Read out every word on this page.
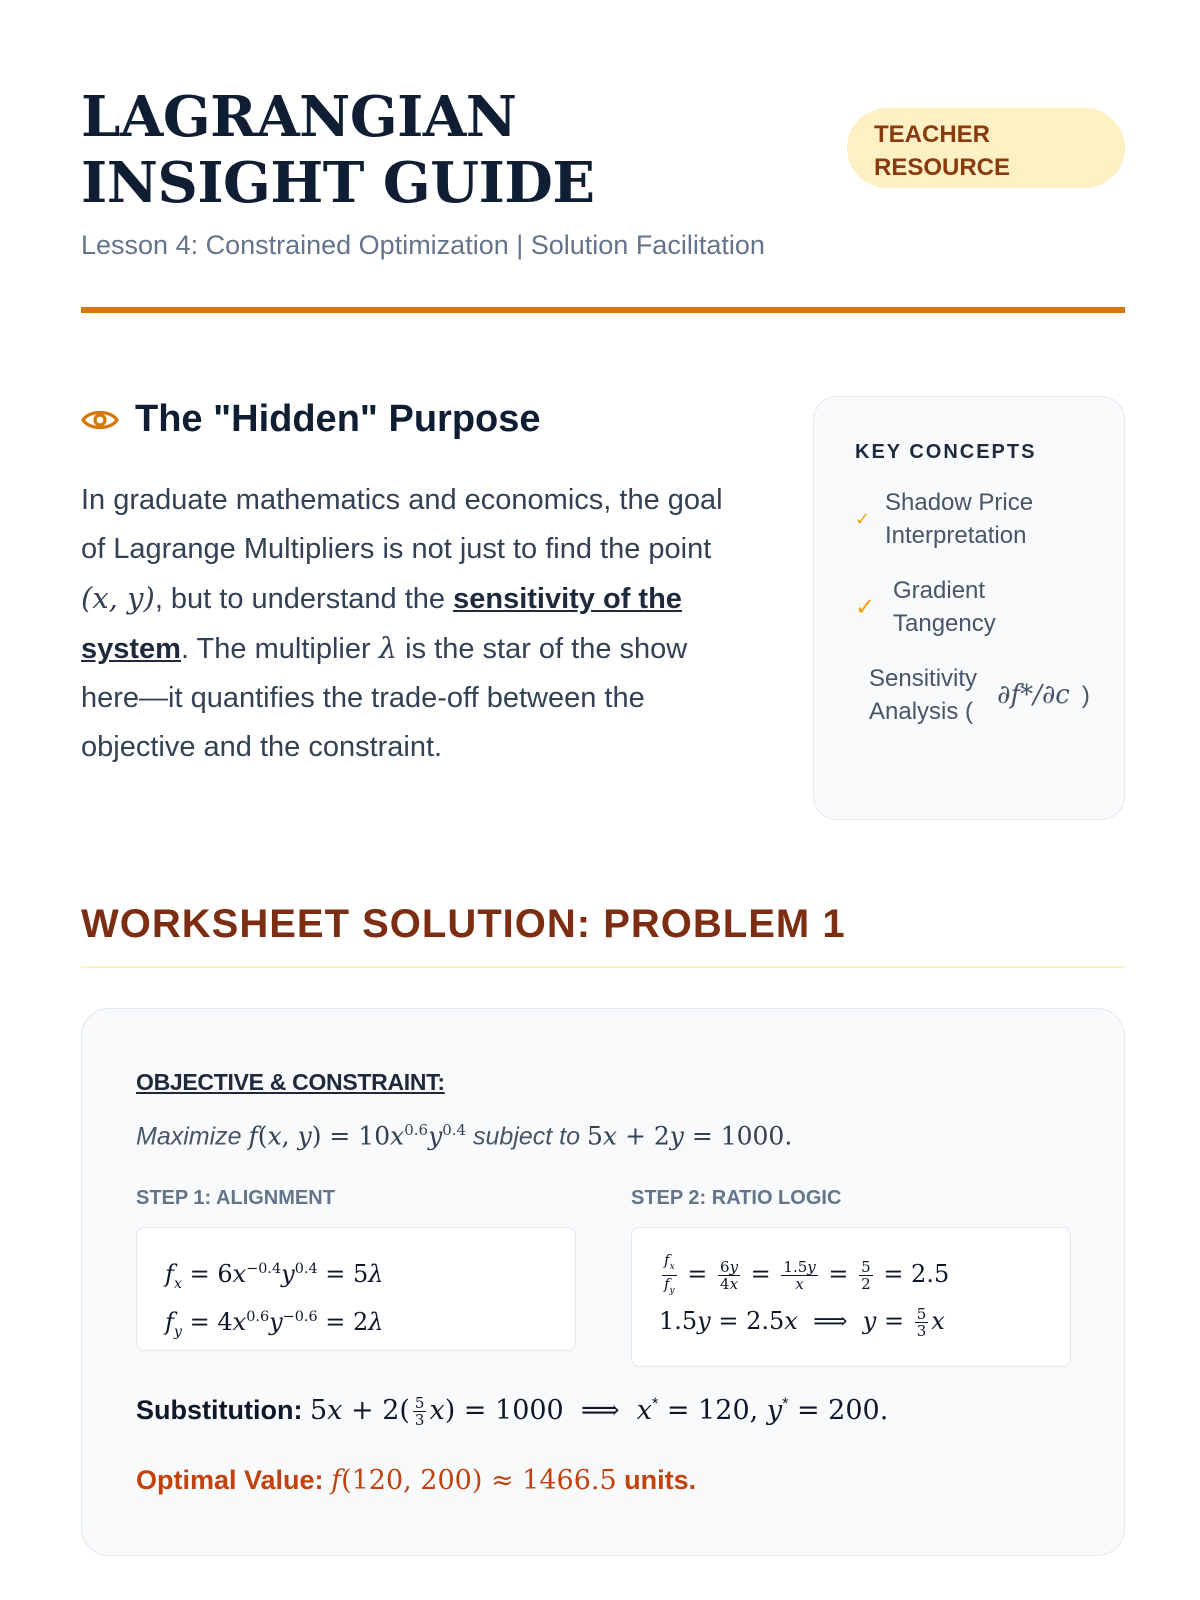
LAGRANGIAN INSIGHT GUIDE
TEACHER RESOURCE
Lesson 4: Constrained Optimization | Solution Facilitation
The "Hidden" Purpose

In graduate mathematics and economics, the goal of Lagrange Multipliers is not just to find the point (x, y), but to understand the sensitivity of the system. The multiplier λ is the star of the show here—it quantifies the trade-off between the objective and the constraint.

KEY CONCEPTS
✓
Shadow Price Interpretation
✓
Gradient Tangency
Sensitivity Analysis (
∂f*/∂c )
WORKSHEET SOLUTION: PROBLEM 1
OBJECTIVE & CONSTRAINT:
Maximize f(x, $y) = 10x^{0.6}y^{0.4}$ subject to 5x + 2y = 1000.
STEP 1: ALIGNMENT	STEP 2: RATIO LOGIC
$f_x = 6x^{-0.4}y^{0.4} = 5\lambda$
$f_y = 4x^{0.6}y^{-0.6} = 2\lambda$
$\frac{f_x}{f_y} = \frac{6y}{4x} = \frac{1.5y}{x} = \frac{5}{2} = 2.5$
1.5y = 2.5x  ⟹  $y = \frac{5}{3}$ x
Substitution: $5x + 2( \frac{5}{3} x) = 1000$  ⟹  x* = 120, y* = 200.
Optimal Value: f(120, 200) ≈ 1466.5 units.
